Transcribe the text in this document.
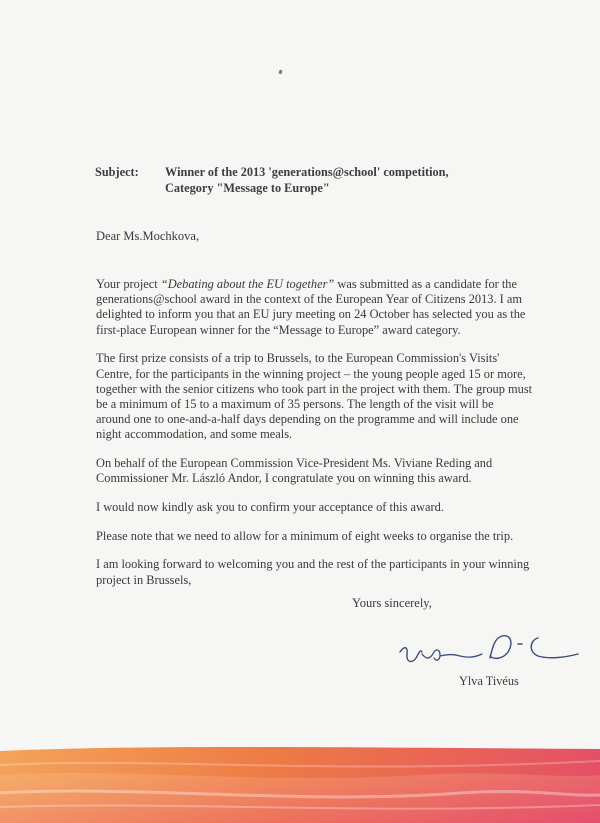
Subject: Winner of the 2013 'generations@school' competition,
Category "Message to Europe"
Dear Ms.Mochkova,

Your project “Debating about the EU together” was submitted as a candidate for the
generations@school award in the context of the European Year of Citizens 2013. I am
delighted to inform you that an EU jury meeting on 24 October has selected you as the
first-place European winner for the “Message to Europe” award category.

The first prize consists of a trip to Brussels, to the European Commission's Visits'
Centre, for the participants in the winning project – the young people aged 15 or more,
together with the senior citizens who took part in the project with them. The group must
be a minimum of 15 to a maximum of 35 persons. The length of the visit will be
around one to one-and-a-half days depending on the programme and will include one
night accommodation, and some meals.

On behalf of the European Commission Vice-President Ms. Viviane Reding and
Commissioner Mr. László Andor, I congratulate you on winning this award.

I would now kindly ask you to confirm your acceptance of this award.

Please note that we need to allow for a minimum of eight weeks to organise the trip.

I am looking forward to welcoming you and the rest of the participants in your winning
project in Brussels,

Yours sincerely,
Ylva Tivéus
